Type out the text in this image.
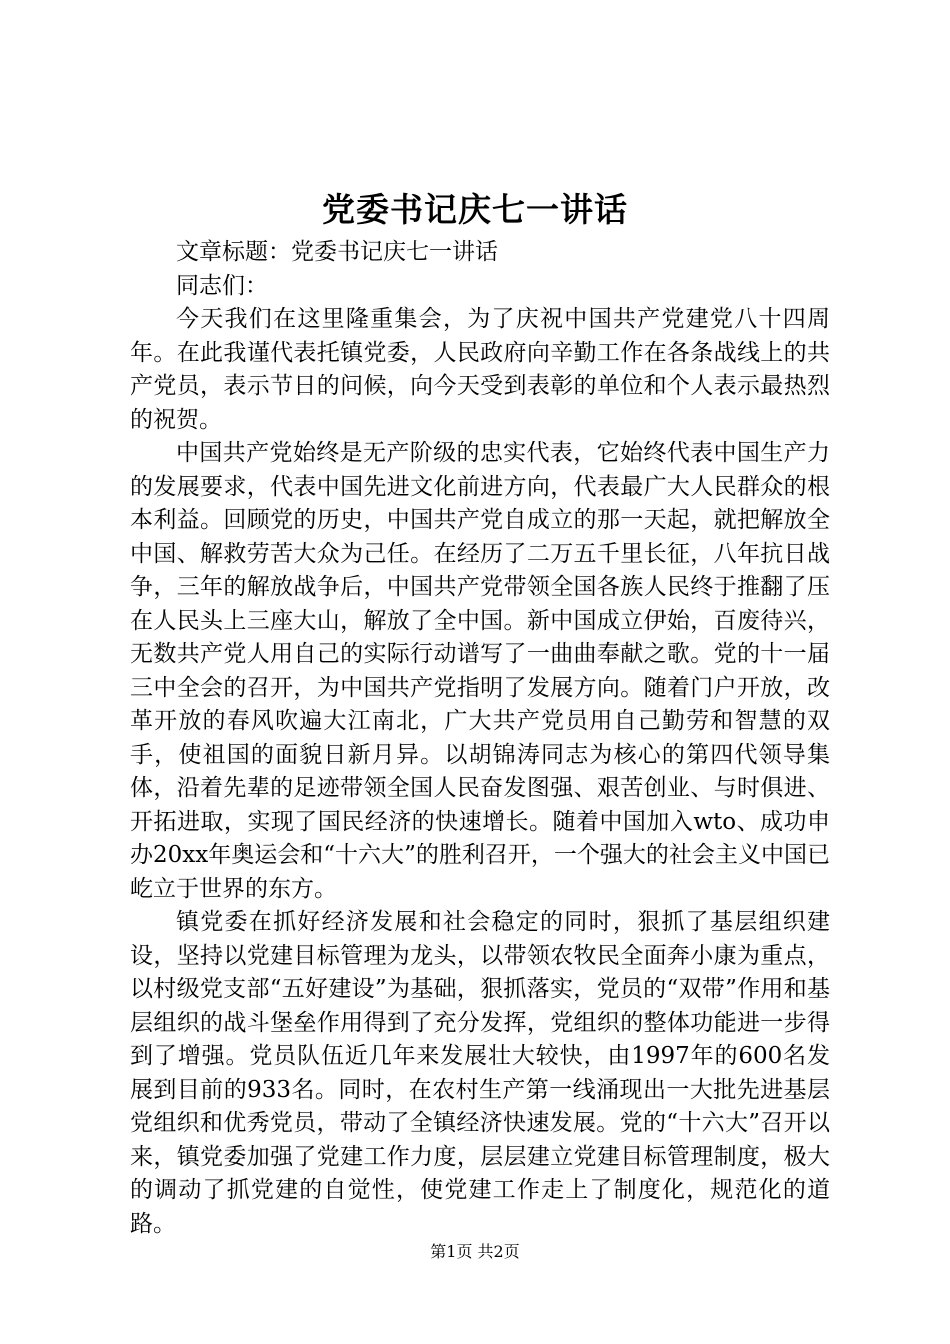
党委书记庆七一讲话

文章标题：党委书记庆七一讲话

同志们：

今天我们在这里隆重集会，为了庆祝中国共产党建党八十四周年。在此我谨代表托镇党委，人民政府向辛勤工作在各条战线上的共产党员，表示节日的问候，向今天受到表彰的单位和个人表示最热烈的祝贺。

中国共产党始终是无产阶级的忠实代表，它始终代表中国生产力的发展要求，代表中国先进文化前进方向，代表最广大人民群众的根本利益。回顾党的历史，中国共产党自成立的那一天起，就把解放全中国、解救劳苦大众为己任。在经历了二万五千里长征，八年抗日战争，三年的解放战争后，中国共产党带领全国各族人民终于推翻了压在人民头上三座大山，解放了全中国。新中国成立伊始，百废待兴，无数共产党人用自己的实际行动谱写了一曲曲奉献之歌。党的十一届三中全会的召开，为中国共产党指明了发展方向。随着门户开放，改革开放的春风吹遍大江南北，广大共产党员用自己勤劳和智慧的双手，使祖国的面貌日新月异。以胡锦涛同志为核心的第四代领导集体，沿着先辈的足迹带领全国人民奋发图强、艰苦创业、与时俱进、开拓进取，实现了国民经济的快速增长。随着中国加入wto、成功申办20xx年奥运会和“十六大”的胜利召开，一个强大的社会主义中国已屹立于世界的东方。

镇党委在抓好经济发展和社会稳定的同时，狠抓了基层组织建设，坚持以党建目标管理为龙头，以带领农牧民全面奔小康为重点，以村级党支部“五好建设”为基础，狠抓落实，党员的“双带”作用和基层组织的战斗堡垒作用得到了充分发挥，党组织的整体功能进一步得到了增强。党员队伍近几年来发展壮大较快，由1997年的600名发展到目前的933名。同时，在农村生产第一线涌现出一大批先进基层党组织和优秀党员，带动了全镇经济快速发展。党的“十六大”召开以来，镇党委加强了党建工作力度，层层建立党建目标管理制度，极大的调动了抓党建的自觉性，使党建工作走上了制度化，规范化的道路。

第1页 共2页
